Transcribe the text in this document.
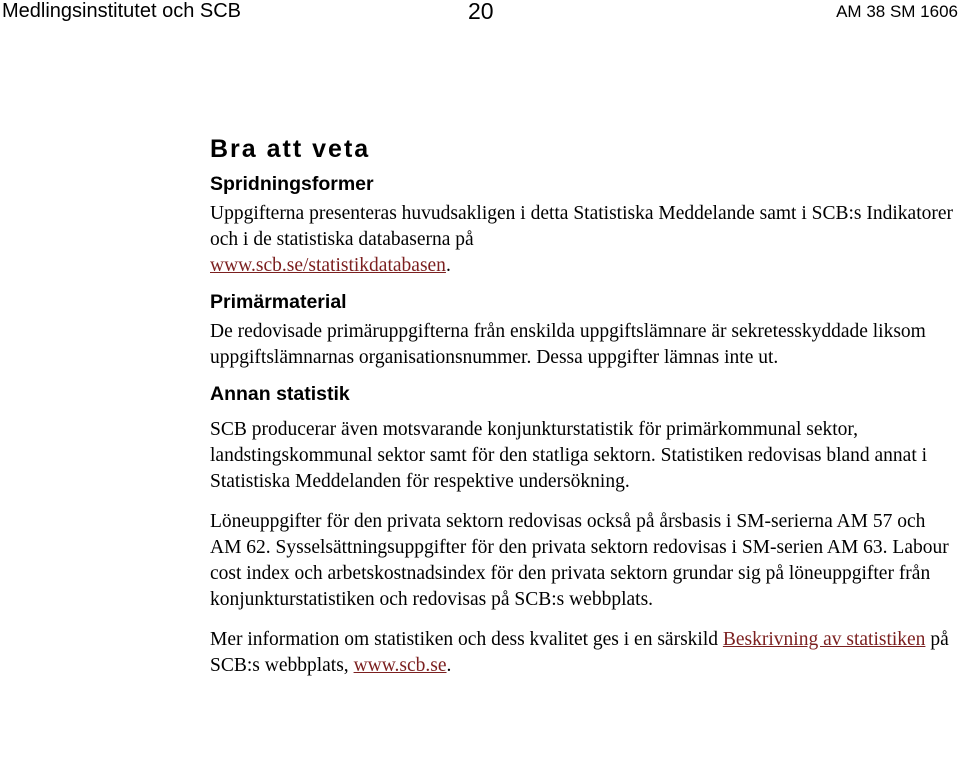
Medlingsinstitutet och SCB	20	AM 38 SM 1606
Bra att veta
Spridningsformer

Uppgifterna presenteras huvudsakligen i detta Statistiska Meddelande samt i SCB:s Indikatorer och i de statistiska databaserna på
www.scb.se/statistikdatabasen.

Primärmaterial

De redovisade primäruppgifterna från enskilda uppgiftslämnare är sekretesskyddade liksom uppgiftslämnarnas organisationsnummer. Dessa uppgifter lämnas inte ut.

Annan statistik

SCB producerar även motsvarande konjunkturstatistik för primärkommunal sektor, landstingskommunal sektor samt för den statliga sektorn. Statistiken redovisas bland annat i Statistiska Meddelanden för respektive undersökning.

Löneuppgifter för den privata sektorn redovisas också på årsbasis i SM-serierna AM 57 och AM 62. Sysselsättningsuppgifter för den privata sektorn redovisas i SM-serien AM 63. Labour cost index och arbetskostnadsindex för den privata sektorn grundar sig på löneuppgifter från konjunkturstatistiken och redovisas på SCB:s webbplats.

Mer information om statistiken och dess kvalitet ges i en särskild Beskrivning av statistiken på SCB:s webbplats, www.scb.se.
